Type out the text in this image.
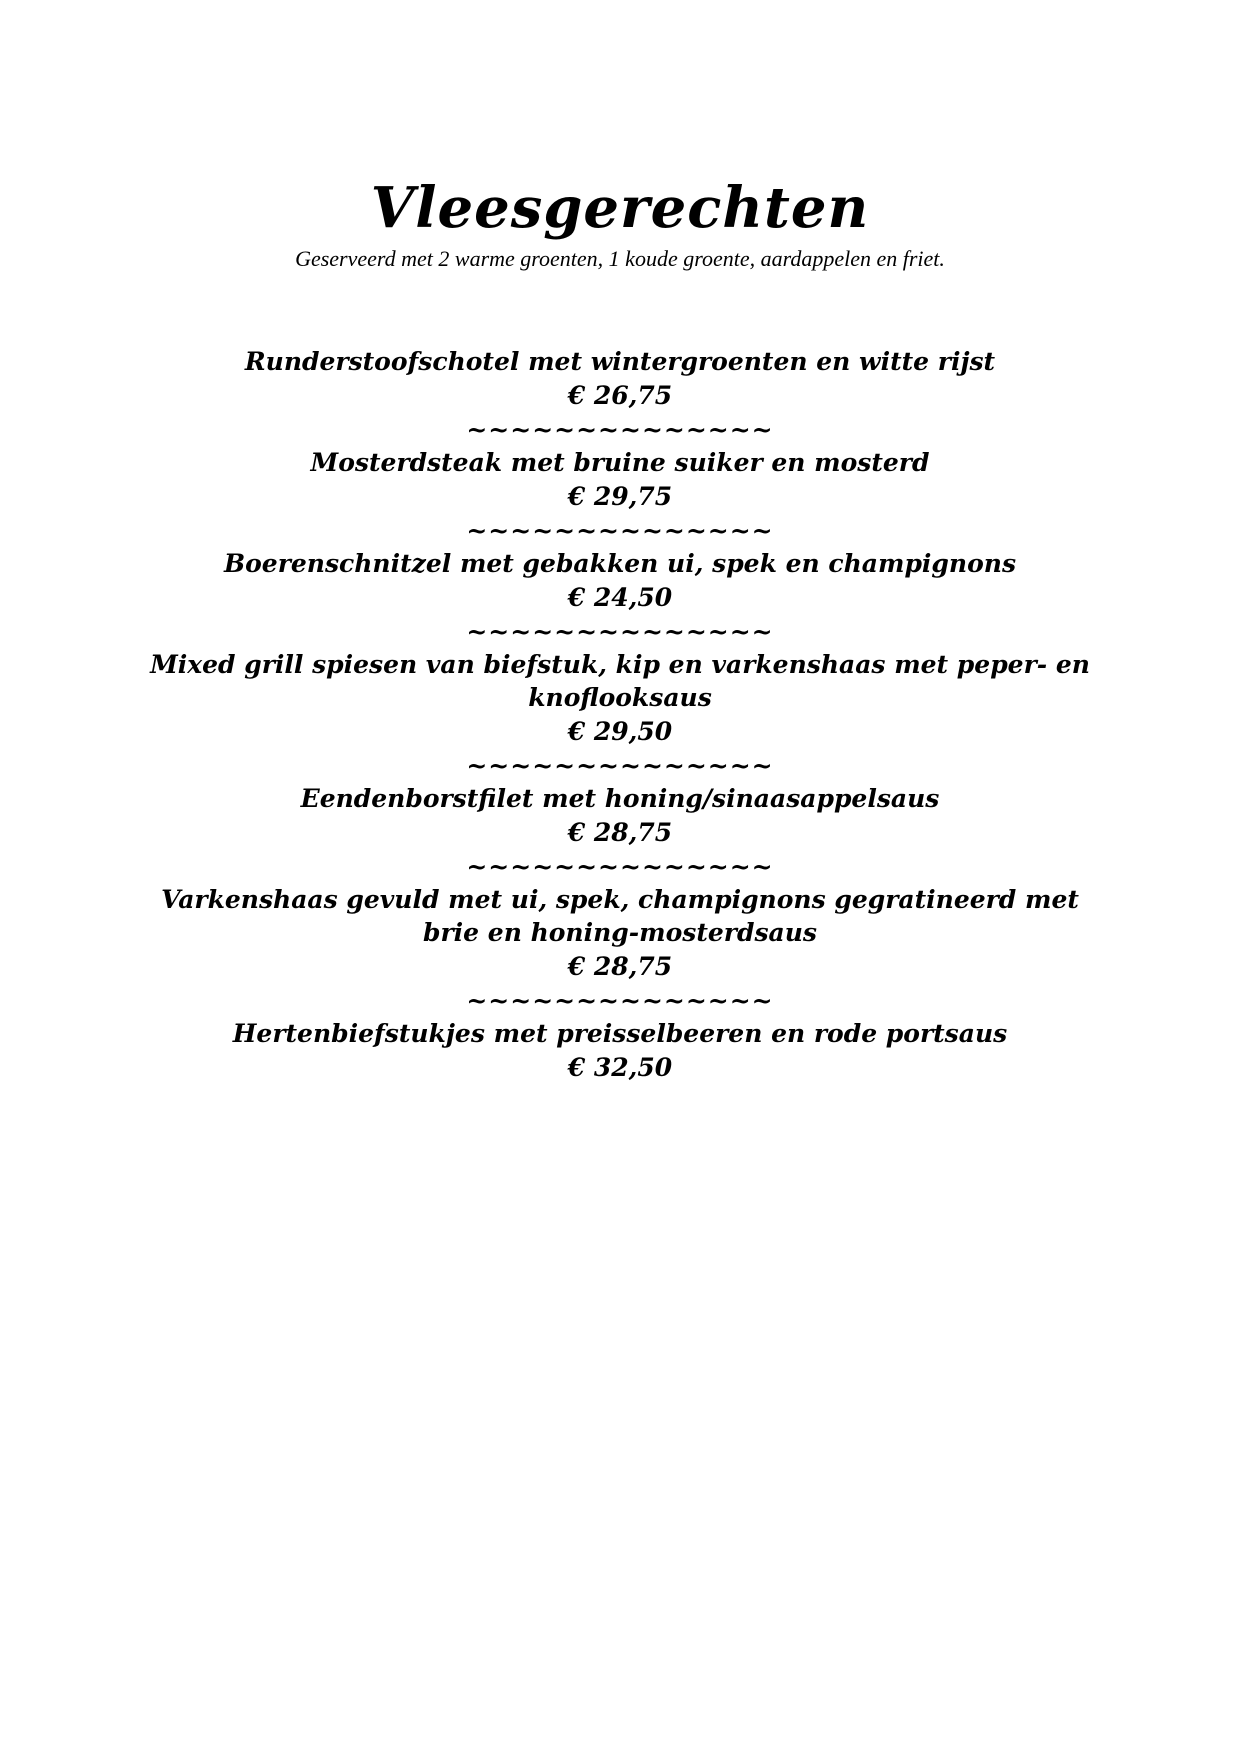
Vleesgerechten
Geserveerd met 2 warme groenten, 1 koude groente, aardappelen en friet.
Runderstoofschotel met wintergroenten en witte rijst
€ 26,75
~~~~~~~~~~~~~~
Mosterdsteak met bruine suiker en mosterd
€ 29,75
~~~~~~~~~~~~~~
Boerenschnitzel met gebakken ui, spek en champignons
€ 24,50
~~~~~~~~~~~~~~
Mixed grill spiesen van biefstuk, kip en varkenshaas met peper- en knoflooksaus
€ 29,50
~~~~~~~~~~~~~~
Eendenborstfilet met honing/sinaasappelsaus
€ 28,75
~~~~~~~~~~~~~~
Varkenshaas gevuld met ui, spek, champignons gegratineerd met brie en honing-mosterdsaus
€ 28,75
~~~~~~~~~~~~~~
Hertenbiefstukjes met preisselbeeren en rode portsaus
€ 32,50
